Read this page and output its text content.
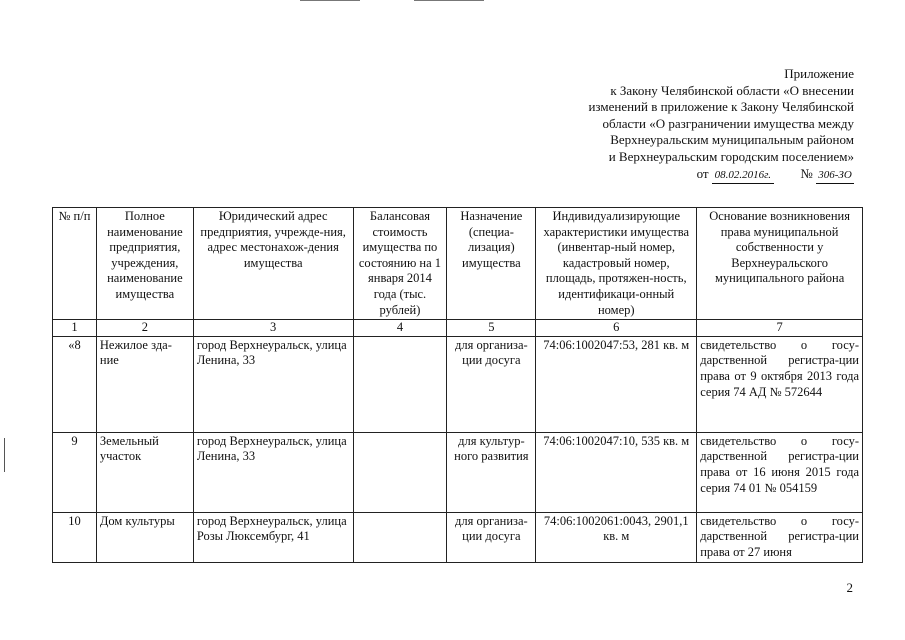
Приложение
к Закону Челябинской области «О внесении
изменений в приложение к Закону Челябинской
области «О разграничении имущества между
Верхнеуральским муниципальным районом
и Верхнеуральским городским поселением»
от 08.02.2016г. № 306-ЗО
№ п/п	Полное наименование предприятия, учреждения, наименование имущества	Юридический адрес предприятия, учрежде-ния, адрес местонахож-дения имущества	Балансовая стоимость имущества по состоянию на 1 января 2014 года (тыс. рублей)	Назначение (специа-лизация) имущества	Индивидуализирующие характеристики имущества (инвентар-ный номер, кадастровый номер, площадь, протяжен-ность, идентификаци-онный номер)	Основание возникновения права муниципальной собственности у Верхнеуральского муниципального района
1	2	3	4	5	6	7
«8	Нежилое зда-ние	город Верхнеуральск, улица Ленина, 33		для организа-ции досуга	74:06:1002047:53, 281 кв. м	свидетельство о госу-дарственной регистра-ции права от 9 октября 2013 года серия 74 АД № 572644
9	Земельный участок	город Верхнеуральск, улица Ленина, 33		для культур-ного развития	74:06:1002047:10, 535 кв. м	свидетельство о госу-дарственной регистра-ции права от 16 июня 2015 года серия 74 01 № 054159
10	Дом культуры	город Верхнеуральск, улица Розы Люксембург, 41		для организа-ции досуга	74:06:1002061:0043, 2901,1 кв. м	свидетельство о госу-дарственной регистра-ции права от 27 июня
2
